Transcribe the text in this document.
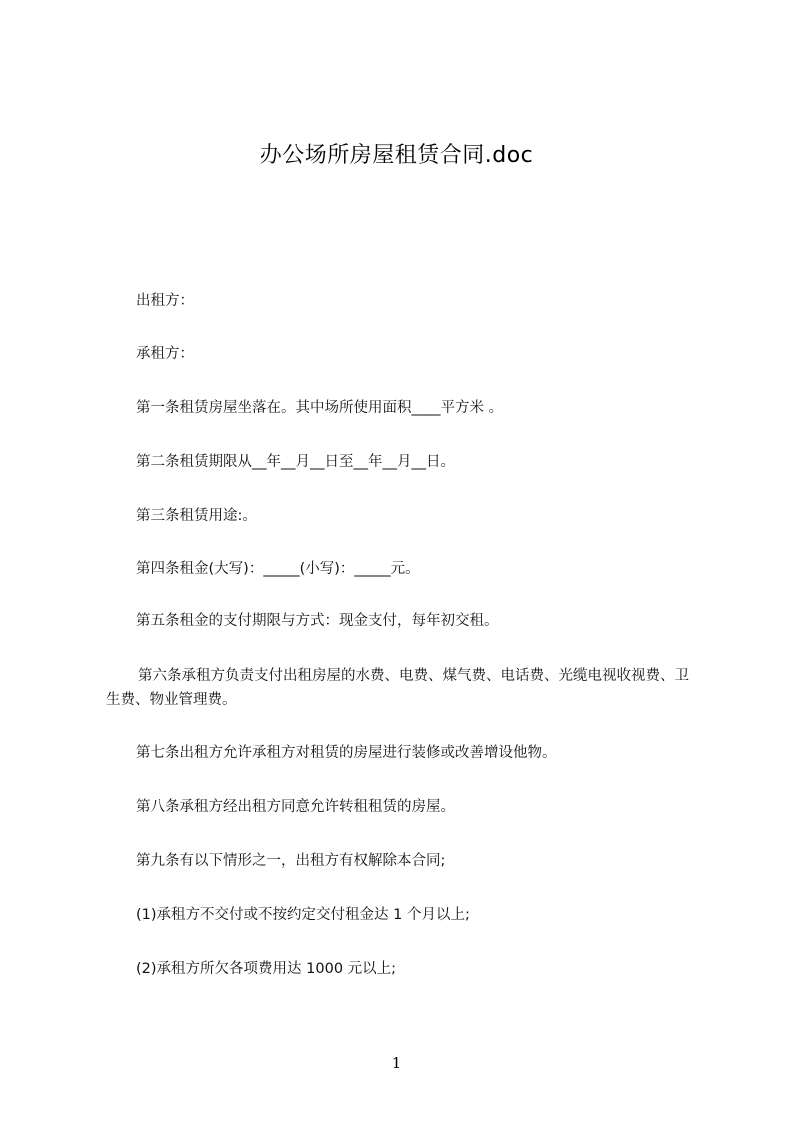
办公场所房屋租赁合同.doc
出租方：
承租方：
第一条租赁房屋坐落在。其中场所使用面积____平方米 。
第二条租赁期限从__年__月__日至__年__月__日。
第三条租赁用途:。
第四条租金(大写)：_____(小写)：_____元。
第五条租金的支付期限与方式：现金支付，每年初交租。
第六条承租方负责支付出租房屋的水费、电费、煤气费、电话费、光缆电视收视费、卫生费、物业管理费。
第七条出租方允许承租方对租赁的房屋进行装修或改善增设他物。
第八条承租方经出租方同意允许转租租赁的房屋。
第九条有以下情形之一，出租方有权解除本合同;
(1)承租方不交付或不按约定交付租金达 1 个月以上;
(2)承租方所欠各项费用达 1000 元以上;
1
